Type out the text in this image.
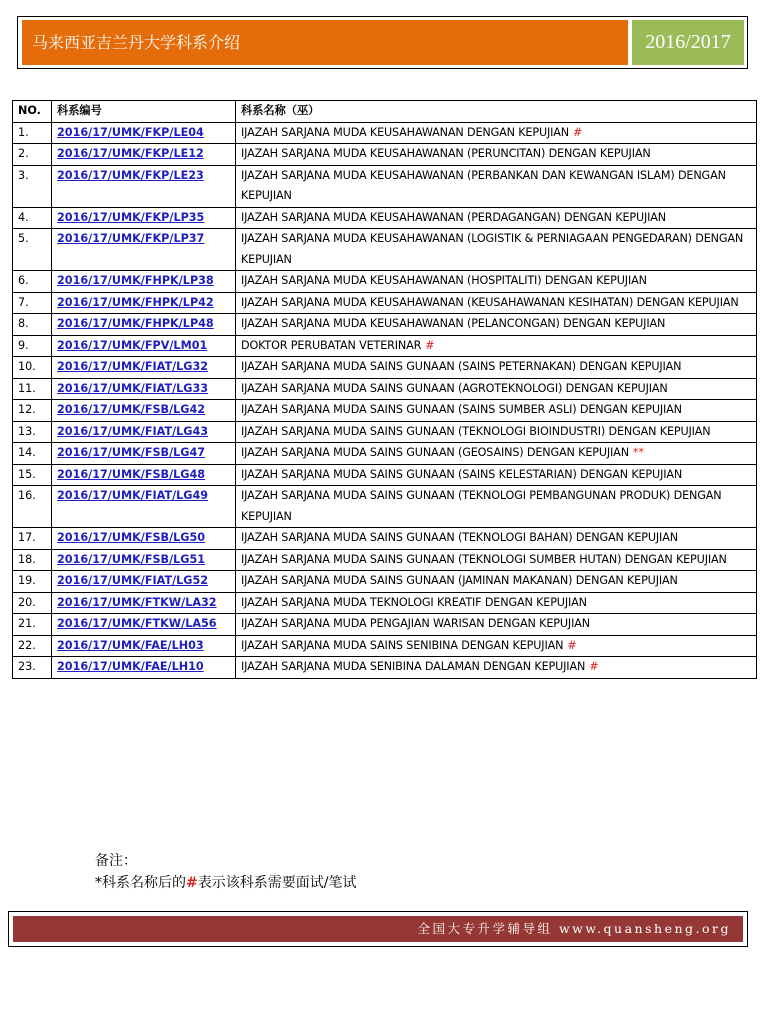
马来西亚吉兰丹大学科系介绍	2016/2017
NO.	科系编号	科系名称（巫）
1.	2016/17/UMK/FKP/LE04	IJAZAH SARJANA MUDA KEUSAHAWANAN DENGAN KEPUJIAN #
2.	2016/17/UMK/FKP/LE12	IJAZAH SARJANA MUDA KEUSAHAWANAN (PERUNCITAN) DENGAN KEPUJIAN
3.	2016/17/UMK/FKP/LE23	IJAZAH SARJANA MUDA KEUSAHAWANAN (PERBANKAN DAN KEWANGAN ISLAM) DENGAN KEPUJIAN
4.	2016/17/UMK/FKP/LP35	IJAZAH SARJANA MUDA KEUSAHAWANAN (PERDAGANGAN) DENGAN KEPUJIAN
5.	2016/17/UMK/FKP/LP37	IJAZAH SARJANA MUDA KEUSAHAWANAN (LOGISTIK & PERNIAGAAN PENGEDARAN) DENGAN KEPUJIAN
6.	2016/17/UMK/FHPK/LP38	IJAZAH SARJANA MUDA KEUSAHAWANAN (HOSPITALITI) DENGAN KEPUJIAN
7.	2016/17/UMK/FHPK/LP42	IJAZAH SARJANA MUDA KEUSAHAWANAN (KEUSAHAWANAN KESIHATAN) DENGAN KEPUJIAN
8.	2016/17/UMK/FHPK/LP48	IJAZAH SARJANA MUDA KEUSAHAWANAN (PELANCONGAN) DENGAN KEPUJIAN
9.	2016/17/UMK/FPV/LM01	DOKTOR PERUBATAN VETERINAR #
10.	2016/17/UMK/FIAT/LG32	IJAZAH SARJANA MUDA SAINS GUNAAN (SAINS PETERNAKAN) DENGAN KEPUJIAN
11.	2016/17/UMK/FIAT/LG33	IJAZAH SARJANA MUDA SAINS GUNAAN (AGROTEKNOLOGI) DENGAN KEPUJIAN
12.	2016/17/UMK/FSB/LG42	IJAZAH SARJANA MUDA SAINS GUNAAN (SAINS SUMBER ASLI) DENGAN KEPUJIAN
13.	2016/17/UMK/FIAT/LG43	IJAZAH SARJANA MUDA SAINS GUNAAN (TEKNOLOGI BIOINDUSTRI) DENGAN KEPUJIAN
14.	2016/17/UMK/FSB/LG47	IJAZAH SARJANA MUDA SAINS GUNAAN (GEOSAINS) DENGAN KEPUJIAN **
15.	2016/17/UMK/FSB/LG48	IJAZAH SARJANA MUDA SAINS GUNAAN (SAINS KELESTARIAN) DENGAN KEPUJIAN
16.	2016/17/UMK/FIAT/LG49	IJAZAH SARJANA MUDA SAINS GUNAAN (TEKNOLOGI PEMBANGUNAN PRODUK) DENGAN KEPUJIAN
17.	2016/17/UMK/FSB/LG50	IJAZAH SARJANA MUDA SAINS GUNAAN (TEKNOLOGI BAHAN) DENGAN KEPUJIAN
18.	2016/17/UMK/FSB/LG51	IJAZAH SARJANA MUDA SAINS GUNAAN (TEKNOLOGI SUMBER HUTAN) DENGAN KEPUJIAN
19.	2016/17/UMK/FIAT/LG52	IJAZAH SARJANA MUDA SAINS GUNAAN (JAMINAN MAKANAN) DENGAN KEPUJIAN
20.	2016/17/UMK/FTKW/LA32	IJAZAH SARJANA MUDA TEKNOLOGI KREATIF DENGAN KEPUJIAN
21.	2016/17/UMK/FTKW/LA56	IJAZAH SARJANA MUDA PENGAJIAN WARISAN DENGAN KEPUJIAN
22.	2016/17/UMK/FAE/LH03	IJAZAH SARJANA MUDA SAINS SENIBINA DENGAN KEPUJIAN #
23.	2016/17/UMK/FAE/LH10	IJAZAH SARJANA MUDA SENIBINA DALAMAN DENGAN KEPUJIAN #
备注：
*科系名称后的#表示该科系需要面试/笔试
全国大专升学辅导组 www.quansheng.org
